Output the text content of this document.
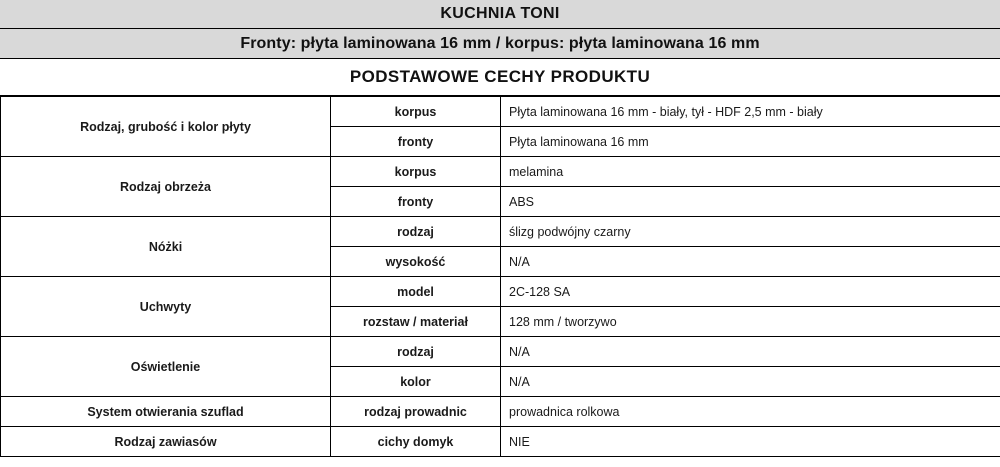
KUCHNIA TONI
Fronty: płyta laminowana 16 mm / korpus: płyta laminowana 16 mm
PODSTAWOWE CECHY PRODUKTU
Rodzaj, grubość i kolor płyty	korpus	Płyta laminowana 16 mm - biały, tył - HDF 2,5 mm - biały
	fronty	Płyta laminowana 16 mm
Rodzaj obrzeża	korpus	melamina
	fronty	ABS
Nóżki	rodzaj	ślizg podwójny czarny
	wysokość	N/A
Uchwyty	model	2C-128 SA
	rozstaw / materiał	128 mm / tworzywo
Oświetlenie	rodzaj	N/A
	kolor	N/A
System otwierania szuflad	rodzaj prowadnic	prowadnica rolkowa
Rodzaj zawiasów	cichy domyk	NIE
